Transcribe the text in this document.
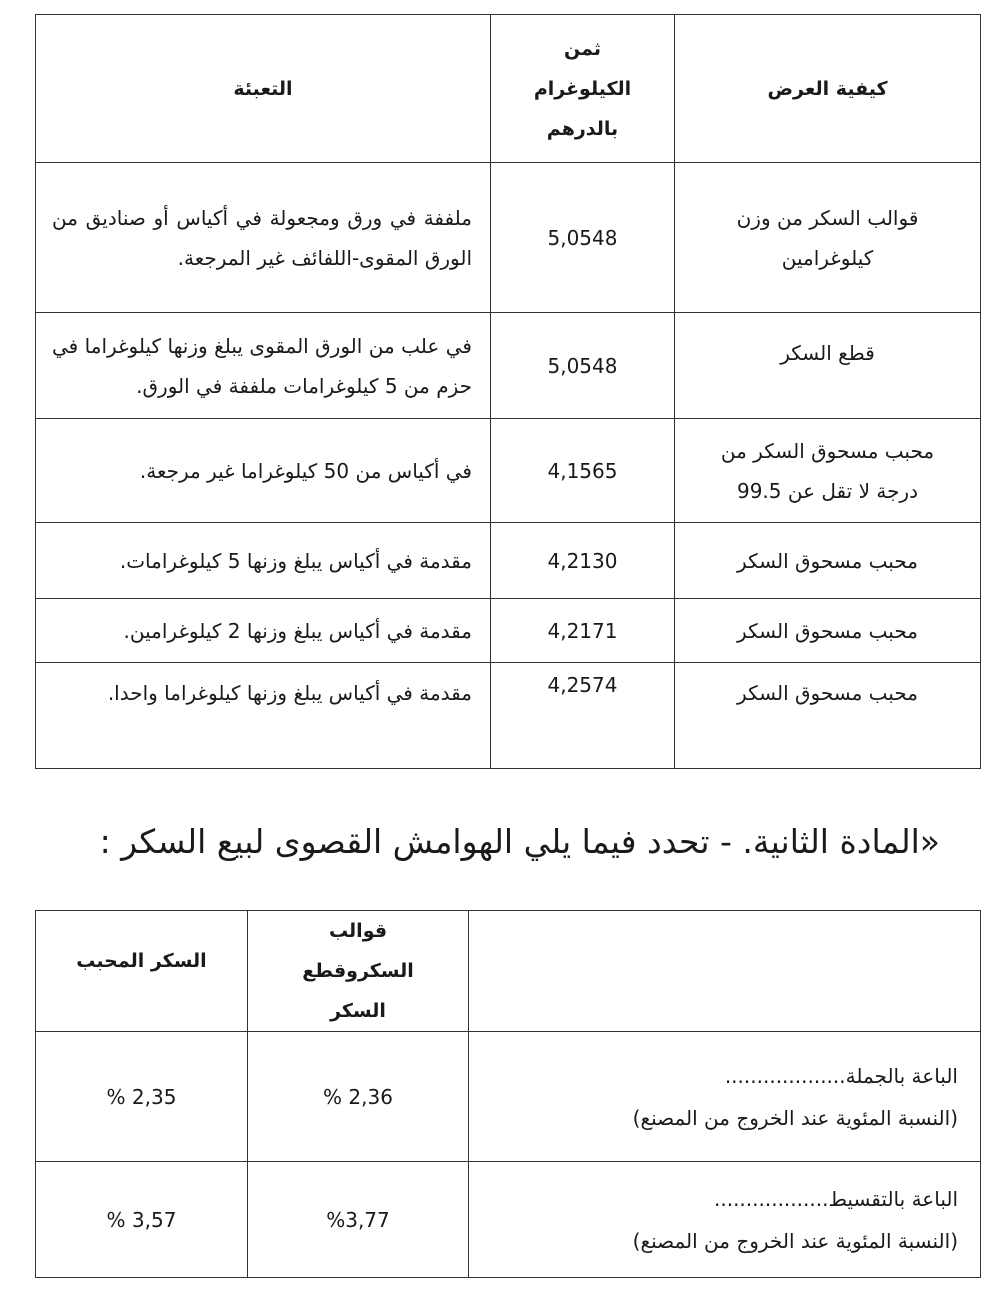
كيفية العرض	ثمن الكيلوغرام بالدرهم	التعبئة

قوالب السكر من وزن كيلوغرامين	5,0548	ملففة في ورق ومجعولة في أكياس أو صناديق من الورق المقوى-اللفائف غير المرجعة.
قطع السكر	5,0548	في علب من الورق المقوى يبلغ وزنها كيلوغراما في حزم من 5 كيلوغرامات ملففة في الورق.

محبب مسحوق السكر من درجة لا تقل عن 99.5	4,1565	في أكياس من 50 كيلوغراما غير مرجعة.
محبب مسحوق السكر	4,2130	مقدمة في أكياس يبلغ وزنها 5 كيلوغرامات.
محبب مسحوق السكر	4,2171	مقدمة في أكياس يبلغ وزنها 2 كيلوغرامين.
محبب مسحوق السكر	4,2574	مقدمة في أكياس يبلغ وزنها كيلوغراما واحدا.
«المادة الثانية. - تحدد فيما يلي الهوامش القصوى لبيع السكر :

	قوالب السكروقطع السكر	السكر المحبب

الباعة بالجملة...................
(النسبة المئوية عند الخروج من المصنع)	% 2,36	% 2,35

الباعة بالتقسيط..................
(النسبة المئوية عند الخروج من المصنع)	%3,77	% 3,57
